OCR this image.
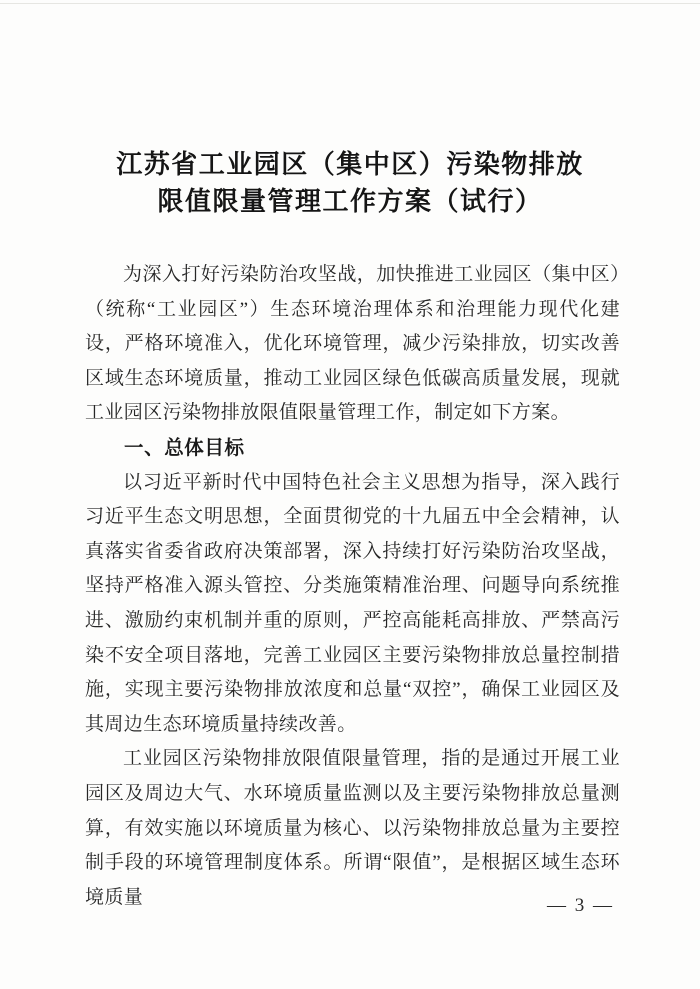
江苏省工业园区（集中区）污染物排放
限值限量管理工作方案（试行）

为深入打好污染防治攻坚战，加快推进工业园区（集中区）（统称“工业园区”）生态环境治理体系和治理能力现代化建设，严格环境准入，优化环境管理，减少污染排放，切实改善区域生态环境质量，推动工业园区绿色低碳高质量发展，现就工业园区污染物排放限值限量管理工作，制定如下方案。

一、总体目标

以习近平新时代中国特色社会主义思想为指导，深入践行习近平生态文明思想，全面贯彻党的十九届五中全会精神，认真落实省委省政府决策部署，深入持续打好污染防治攻坚战，坚持严格准入源头管控、分类施策精准治理、问题导向系统推进、激励约束机制并重的原则，严控高能耗高排放、严禁高污染不安全项目落地，完善工业园区主要污染物排放总量控制措施，实现主要污染物排放浓度和总量“双控”，确保工业园区及其周边生态环境质量持续改善。

工业园区污染物排放限值限量管理，指的是通过开展工业园区及周边大气、水环境质量监测以及主要污染物排放总量测算，有效实施以环境质量为核心、以污染物排放总量为主要控制手段的环境管理制度体系。所谓“限值”，是根据区域生态环境质量	— 3 —
